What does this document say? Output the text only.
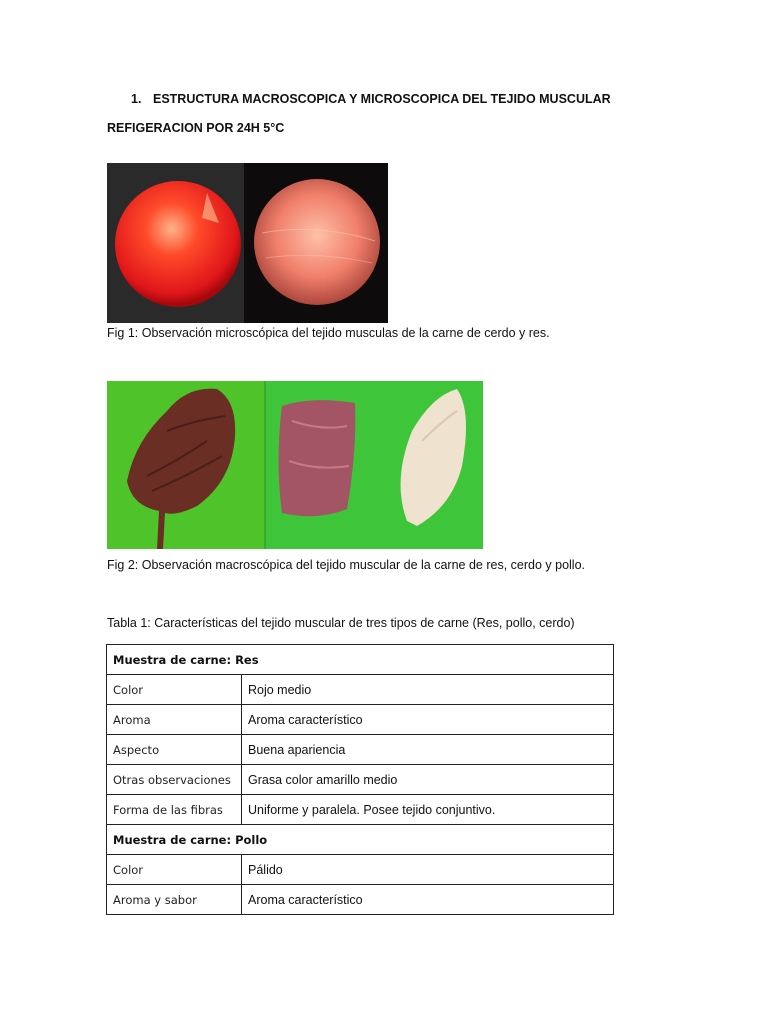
1. ESTRUCTURA MACROSCOPICA Y MICROSCOPICA DEL TEJIDO MUSCULAR
REFIGERACION POR 24H 5°C
Fig 1: Observación microscópica del tejido musculas de la carne de cerdo y res.
Fig 2: Observación macroscópica del tejido muscular de la carne de res, cerdo y pollo.
Tabla 1: Características del tejido muscular de tres tipos de carne (Res, pollo, cerdo)
Muestra de carne: Res	
Color	Rojo medio
Aroma	Aroma característico
Aspecto	Buena apariencia
Otras observaciones	Grasa color amarillo medio
Forma de las fibras	Uniforme y paralela. Posee tejido conjuntivo.
Muestra de carne: Pollo	
Color	Pálido
Aroma y sabor	Aroma característico
